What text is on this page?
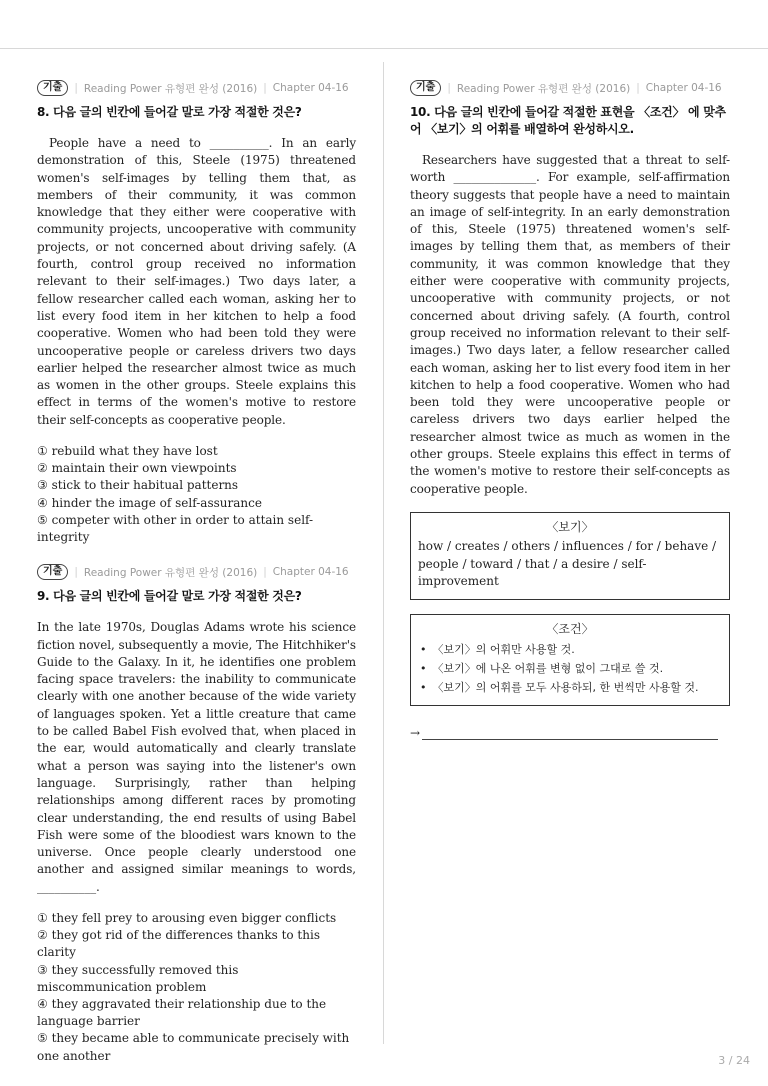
기출	| Reading Power 유형편 완성 (2016) | Chapter 04-16
8. 다음 글의 빈칸에 들어갈 말로 가장 적절한 것은?

People have a need to __________. In an early demonstration of this, Steele (1975) threatened women's self-images by telling them that, as members of their community, it was common knowledge that they either were cooperative with community projects, uncooperative with community projects, or not concerned about driving safely. (A fourth, control group received no information relevant to their self-images.) Two days later, a fellow researcher called each woman, asking her to list every food item in her kitchen to help a food cooperative. Women who had been told they were uncooperative people or careless drivers two days earlier helped the researcher almost twice as much as women in the other groups. Steele explains this effect in terms of the women's motive to restore their self-concepts as cooperative people.

① rebuild what they have lost
② maintain their own viewpoints
③ stick to their habitual patterns
④ hinder the image of self-assurance
⑤ competer with other in order to attain self-integrity
기출	| Reading Power 유형편 완성 (2016) | Chapter 04-16
9. 다음 글의 빈칸에 들어갈 말로 가장 적절한 것은?

In the late 1970s, Douglas Adams wrote his science fiction novel, subsequently a movie, The Hitchhiker's Guide to the Galaxy. In it, he identifies one problem facing space travelers: the inability to communicate clearly with one another because of the wide variety of languages spoken. Yet a little creature that came to be called Babel Fish evolved that, when placed in the ear, would automatically and clearly translate what a person was saying into the listener's own language. Surprisingly, rather than helping relationships among different races by promoting clear understanding, the end results of using Babel Fish were some of the bloodiest wars known to the universe. Once people clearly understood one another and assigned similar meanings to words, __________.

① they fell prey to arousing even bigger conflicts
② they got rid of the differences thanks to this clarity
③ they successfully removed this miscommunication problem
④ they aggravated their relationship due to the language barrier
⑤ they became able to communicate precisely with one another
기출	| Reading Power 유형편 완성 (2016) | Chapter 04-16
10. 다음 글의 빈칸에 들어갈 적절한 표현을 〈조건〉 에 맞추어 〈보기〉의 어휘를 배열하여 완성하시오.

Researchers have suggested that a threat to self-worth ______________. For example, self-affirmation theory suggests that people have a need to maintain an image of self-integrity. In an early demonstration of this, Steele (1975) threatened women's self-images by telling them that, as members of their community, it was common knowledge that they either were cooperative with community projects, uncooperative with community projects, or not concerned about driving safely. (A fourth, control group received no information relevant to their self-images.) Two days later, a fellow researcher called each woman, asking her to list every food item in her kitchen to help a food cooperative. Women who had been told they were uncooperative people or careless drivers two days earlier helped the researcher almost twice as much as women in the other groups. Steele explains this effect in terms of the women's motive to restore their self-concepts as cooperative people.

〈보기〉
how / creates / others / influences / for / behave / people / toward / that / a desire / self-improvement
〈조건〉
• 〈보기〉의 어휘만 사용할 것.
• 〈보기〉에 나온 어휘를 변형 없이 그대로 쓸 것.
• 〈보기〉의 어휘를 모두 사용하되, 한 번씩만 사용할 것.
→
3 / 24
